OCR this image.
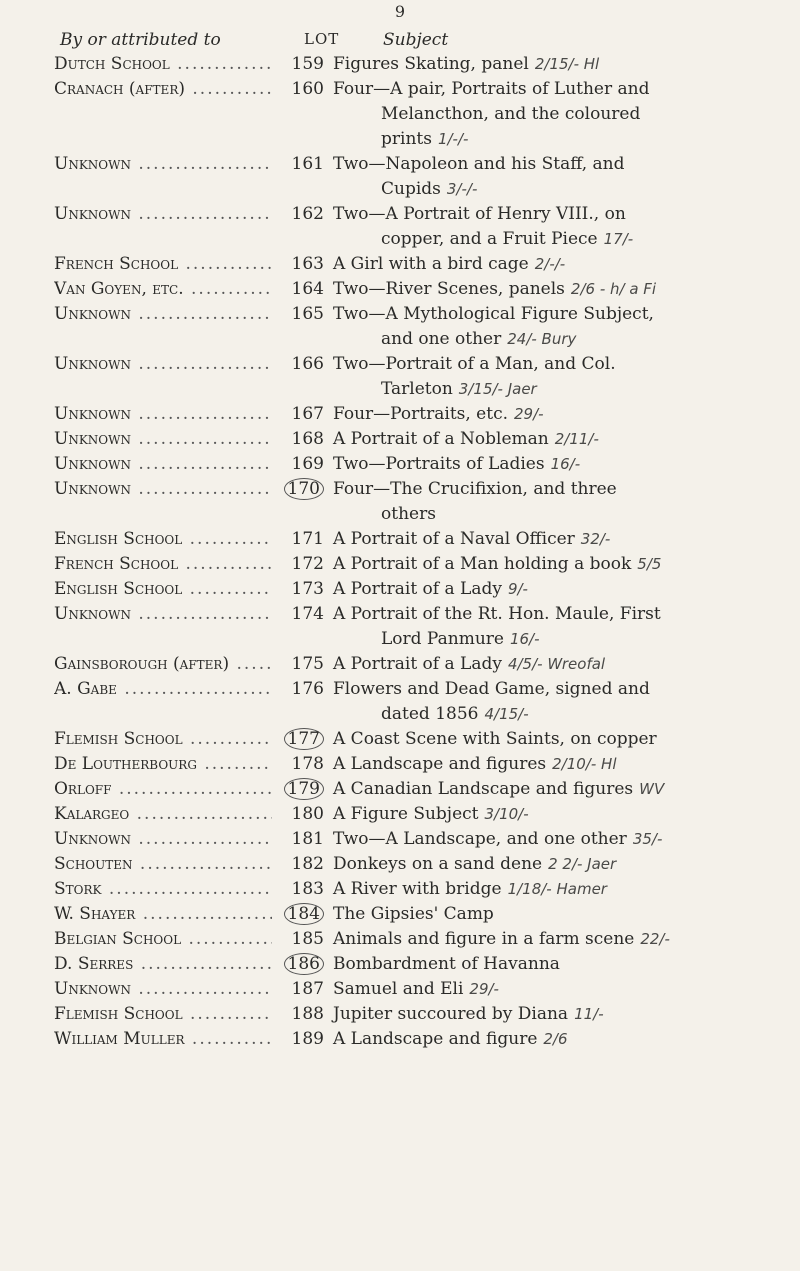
9
By or attributed to	LOT	Subject
Dutch School .....	159 Figures Skating, panel 2/15/- Hl
Cranach (after) .....	160 Four—A pair, Portraits of Luther and
Melancthon, and the coloured
prints 1/-/-
Unknown .....	161 Two—Napoleon and his Staff, and
Cupids 3/-/-
Unknown .....	162 Two—A Portrait of Henry VIII., on
copper, and a Fruit Piece 17/-
French School .....	163 A Girl with a bird cage 2/-/-
Van Goyen, etc. .....	164 Two—River Scenes, panels 2/6 - h/ a Fi
Unknown .....	165 Two—A Mythological Figure Subject,
and one other 24/- Bury
Unknown .....	166 Two—Portrait of a Man, and Col.
Tarleton 3/15/- Jaer
Unknown .....	167 Four—Portraits, etc. 29/-
Unknown .....	168 A Portrait of a Nobleman 2/11/-
Unknown .....	169 Two—Portraits of Ladies 16/-
Unknown .....	170 Four—The Crucifixion, and three
others
English School .....	171 A Portrait of a Naval Officer 32/-
French School .....	172 A Portrait of a Man holding a book 5/5
English School .....	173 A Portrait of a Lady 9/-
Unknown .....	174 A Portrait of the Rt. Hon. Maule, First
Lord Panmure 16/-
Gainsborough (after) .....	175 A Portrait of a Lady 4/5/- Wreofal
A. Gabe .....	176 Flowers and Dead Game, signed and
dated 1856 4/15/-
Flemish School .....	177 A Coast Scene with Saints, on copper
De Loutherbourg .....	178 A Landscape and figures 2/10/- Hl
Orloff .....	179 A Canadian Landscape and figures WV
Kalargeo .....	180 A Figure Subject 3/10/-
Unknown .....	181 Two—A Landscape, and one other 35/-
Schouten .....	182 Donkeys on a sand dene 2 2/- Jaer
Stork .....	183 A River with bridge 1/18/- Hamer
W. Shayer .....	184 The Gipsies' Camp
Belgian School .....	185 Animals and figure in a farm scene 22/-
D. Serres .....	186 Bombardment of Havanna
Unknown .....	187 Samuel and Eli 29/-
Flemish School .....	188 Jupiter succoured by Diana 11/-
William Muller .....	189 A Landscape and figure 2/6
